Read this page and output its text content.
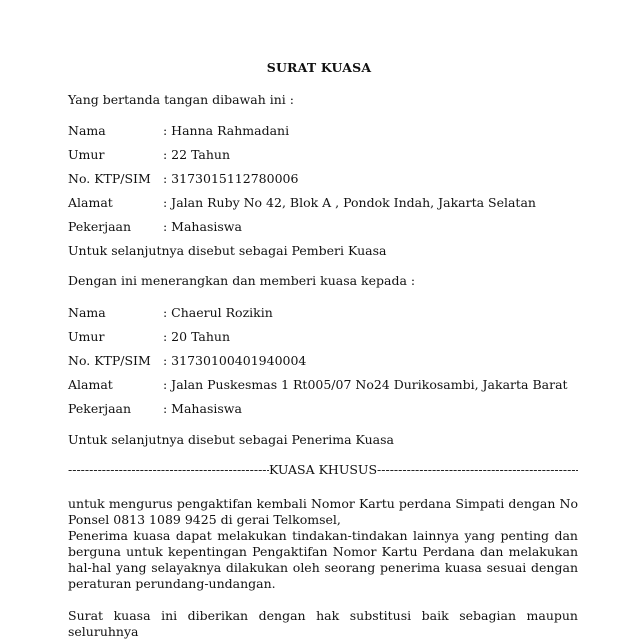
SURAT KUASA
Yang bertanda tangan dibawah ini :
Nama	: Hanna Rahmadani
Umur	: 22 Tahun
No. KTP/SIM : 3173015112780006
Alamat	: Jalan Ruby No 42, Blok A , Pondok Indah, Jakarta Selatan
Pekerjaan	: Mahasiswa
Untuk selanjutnya disebut sebagai Pemberi Kuasa
Dengan ini menerangkan dan memberi kuasa kepada :
Nama	: Chaerul Rozikin
Umur	: 20 Tahun
No. KTP/SIM : 31730100401940004
Alamat	: Jalan Puskesmas 1 Rt005/07 No24 Durikosambi, Jakarta Barat
Pekerjaan	: Mahasiswa
Untuk selanjutnya disebut sebagai Penerima Kuasa
-----
KUASA KHUSUS
-----
untuk mengurus pengaktifan kembali Nomor Kartu perdana Simpati dengan No Ponsel 0813 1089 9425 di gerai Telkomsel,
Penerima kuasa dapat melakukan tindakan-tindakan lainnya yang penting dan berguna untuk kepentingan Pengaktifan Nomor Kartu Perdana dan melakukan hal-hal yang selayaknya dilakukan oleh seorang penerima kuasa sesuai dengan peraturan perundang-undangan.
Surat kuasa ini diberikan dengan hak substitusi baik sebagian maupun seluruhnya
